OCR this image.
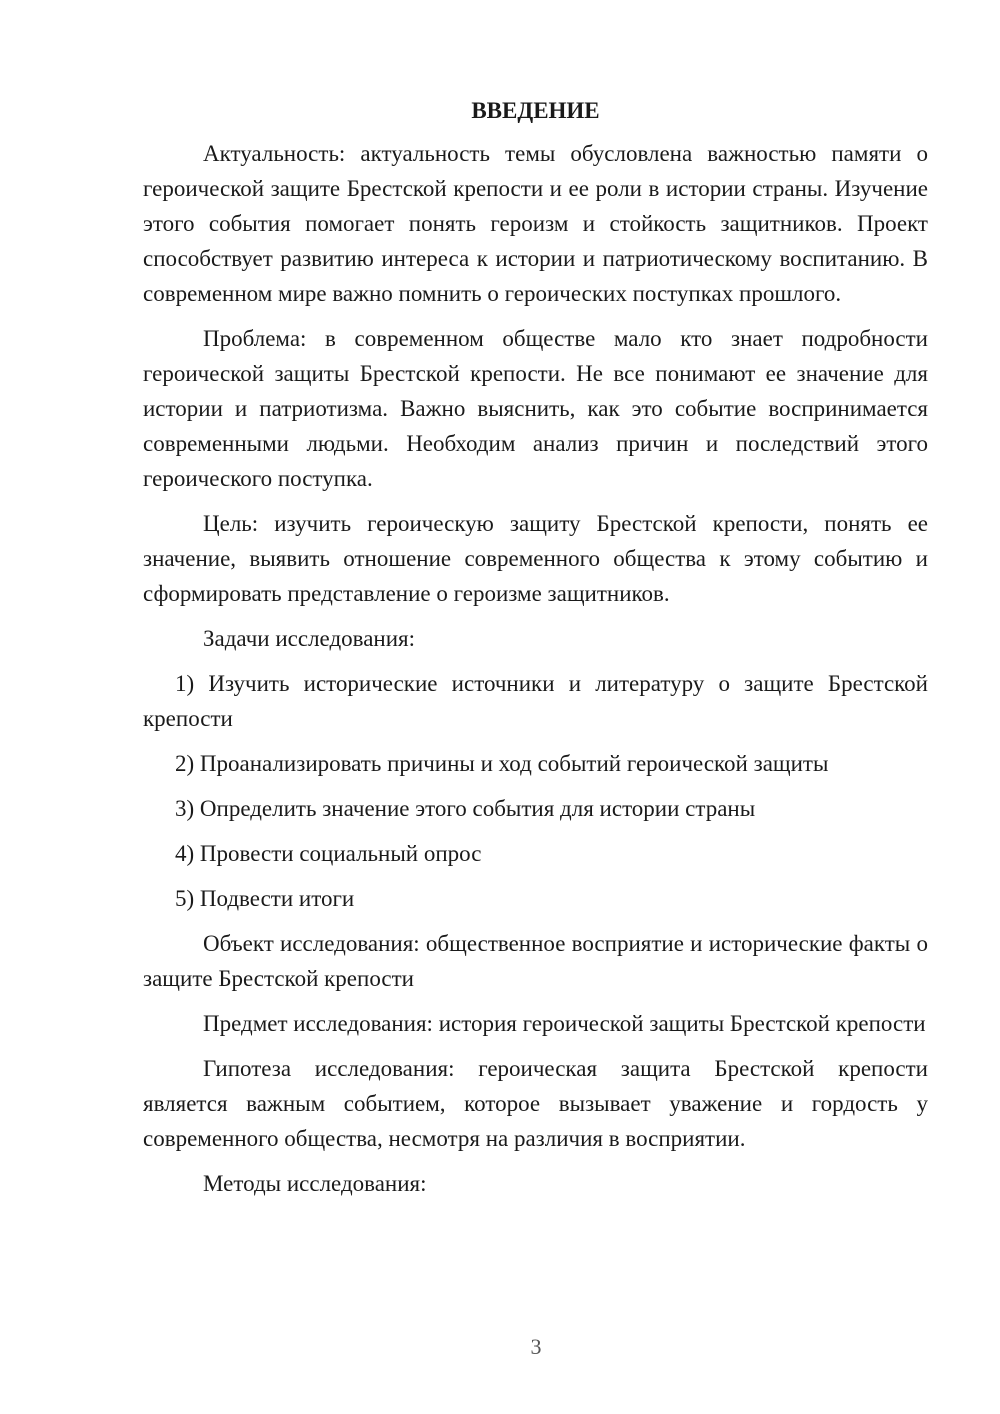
ВВЕДЕНИЕ

Актуальность: актуальность темы обусловлена важностью памяти о героической защите Брестской крепости и ее роли в истории страны. Изучение этого события помогает понять героизм и стойкость защитников. Проект способствует развитию интереса к истории и патриотическому воспитанию. В современном мире важно помнить о героических поступках прошлого.

Проблема: в современном обществе мало кто знает подробности героической защиты Брестской крепости. Не все понимают ее значение для истории и патриотизма. Важно выяснить, как это событие воспринимается современными людьми. Необходим анализ причин и последствий этого героического поступка.

Цель: изучить героическую защиту Брестской крепости, понять ее значение, выявить отношение современного общества к этому событию и сформировать представление о героизме защитников.

Задачи исследования:

1) Изучить исторические источники и литературу о защите Брестской крепости

2) Проанализировать причины и ход событий героической защиты

3) Определить значение этого события для истории страны

4) Провести социальный опрос

5) Подвести итоги

Объект исследования: общественное восприятие и исторические факты о защите Брестской крепости

Предмет исследования: история героической защиты Брестской крепости

Гипотеза исследования: героическая защита Брестской крепости является важным событием, которое вызывает уважение и гордость у современного общества, несмотря на различия в восприятии.

Методы исследования:

3
